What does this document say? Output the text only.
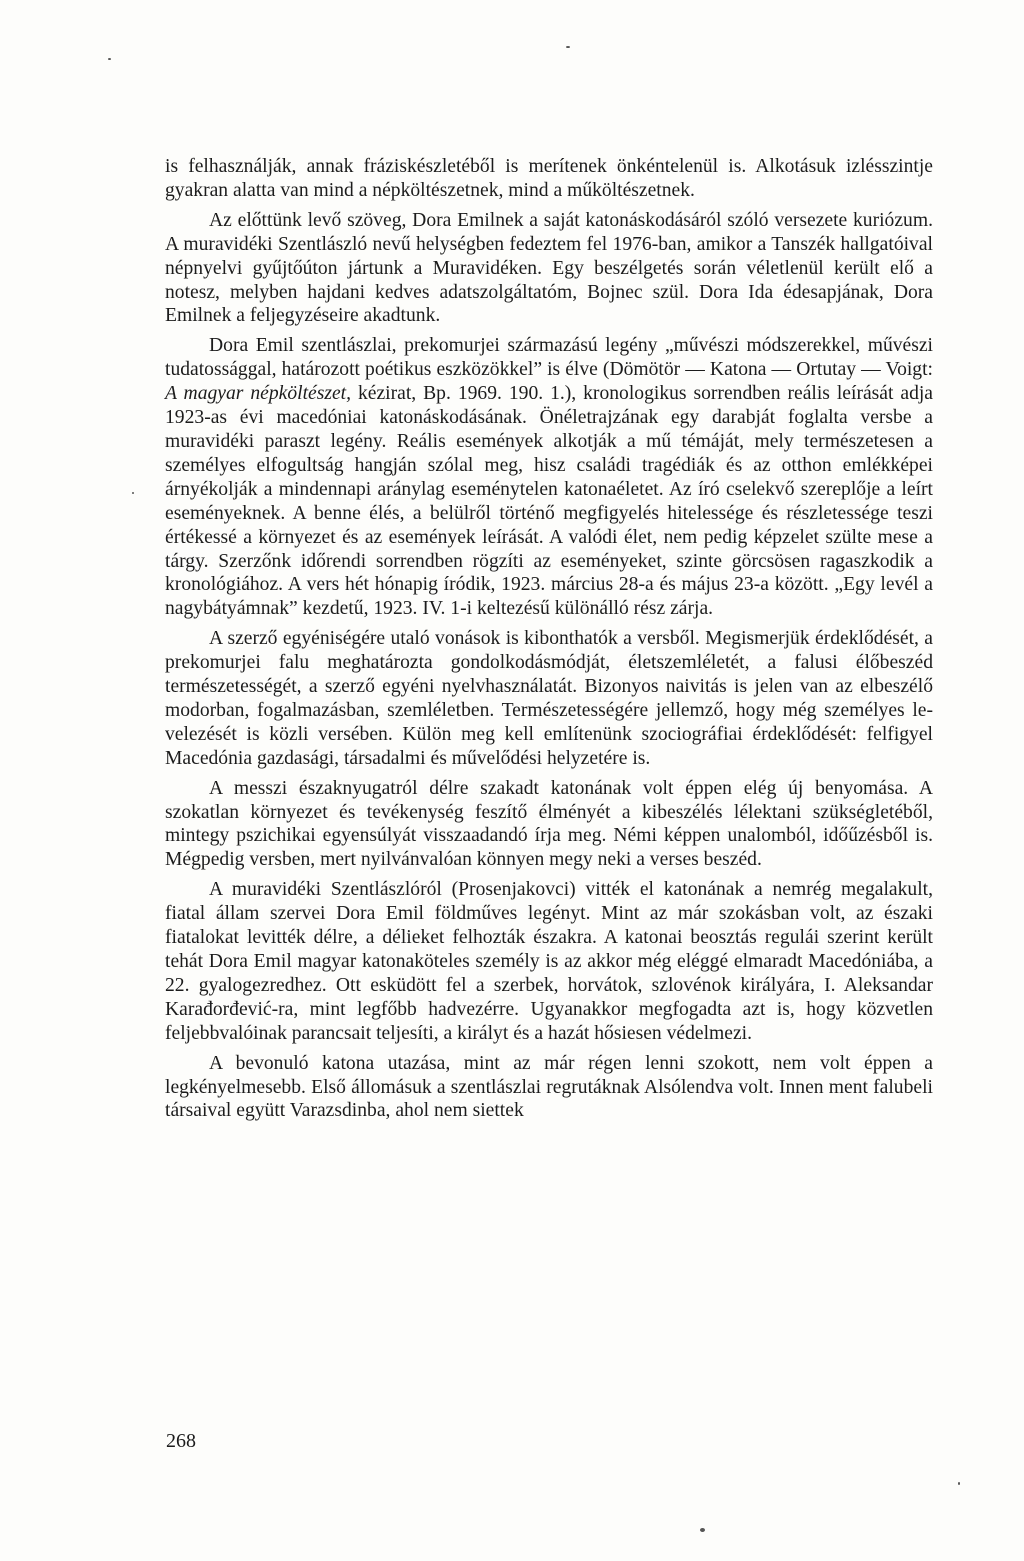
is felhasználják, annak fráziskészletéből is merítenek önkéntelenül is. Alkotásuk izlésszintje gyakran alatta van mind a népköltészetnek, mind a műköltészetnek.

Az előttünk levő szöveg, Dora Emilnek a saját katonáskodásáról szóló versezete kuriózum. A muravidéki Szentlászló nevű helységben fedeztem fel 1976-ban, amikor a Tanszék hallgatóival népnyelvi gyűjtőúton jártunk a Muravidéken. Egy beszélgetés során véletlenül került elő a notesz, melyben hajdani kedves adatszolgáltatóm, Bojnec szül. Dora Ida édesapjának, Dora Emilnek a feljegyzéseire akadtunk.

Dora Emil szentlászlai, prekomurjei származású legény „művészi módszerekkel, művészi tudatossággal, határozott poétikus eszközökkel” is élve (Dömötör — Katona — Ortutay — Voigt: A magyar népköltészet, kézirat, Bp. 1969. 190. 1.), kronologikus sorrendben reális leírását adja 1923-as évi macedóniai katonáskodásának. Önéletrajzának egy darabját foglalta versbe a muravidéki paraszt legény. Reális események alkotják a mű témáját, mely természetesen a személyes elfogultság hangján szólal meg, hisz családi tragédiák és az otthon emlékképei árnyékolják a mindennapi aránylag eseménytelen katonaéletet. Az író cselekvő szereplője a leírt eseményeknek. A benne élés, a belülről történő megfigyelés hitelessége és részletessége teszi értékessé a környezet és az események leírását. A valódi élet, nem pedig képzelet szülte mese a tárgy. Szerzőnk időrendi sorrendben rögzíti az eseményeket, szinte görcsösen ragaszkodik a kronológiához. A vers hét hónapig íródik, 1923. március 28-a és május 23-a között. „Egy levél a nagybátyámnak” kezdetű, 1923. IV. 1-i keltezésű különálló rész zárja.

A szerző egyéniségére utaló vonások is kibonthatók a versből. Megismerjük érdeklődését, a prekomurjei falu meghatározta gondolkodásmódját, életszemléletét, a falusi élőbeszéd természetességét, a szerző egyéni nyelvhasználatát. Bizonyos naivitás is jelen van az elbeszélő modorban, fogalmazásban, szemléletben. Természetességére jellemző, hogy még személyes levelezését is közli versében. Külön meg kell említenünk szociográfiai érdeklődését: felfigyel Macedónia gazdasági, társadalmi és művelődési helyzetére is.

A messzi északnyugatról délre szakadt katonának volt éppen elég új benyomása. A szokatlan környezet és tevékenység feszítő élményét a kibeszélés lélektani szükségletéből, mintegy pszichikai egyensúlyát visszaadandó írja meg. Némi képpen unalomból, időűzésből is. Mégpedig versben, mert nyilvánvalóan könnyen megy neki a verses beszéd.

A muravidéki Szentlászlóról (Prosenjakovci) vitték el katonának a nemrég megalakult, fiatal állam szervei Dora Emil földműves legényt. Mint az már szokásban volt, az északi fiatalokat levitték délre, a délieket felhozták északra. A katonai beosztás regulái szerint került tehát Dora Emil magyar katonaköteles személy is az akkor még eléggé elmaradt Macedóniába, a 22. gyalogezredhez. Ott esküdött fel a szerbek, horvátok, szlovénok királyára, I. Aleksandar Karađorđević-ra, mint legfőbb hadvezérre. Ugyanakkor megfogadta azt is, hogy közvetlen feljebbvalóinak parancsait teljesíti, a királyt és a hazát hősiesen védelmezi.

A bevonuló katona utazása, mint az már régen lenni szokott, nem volt éppen a legkényelmesebb. Első állomásuk a szentlászlai regrutáknak Alsólendva volt. Innen ment falubeli társaival együtt Varazsdinba, ahol nem siettek

268
